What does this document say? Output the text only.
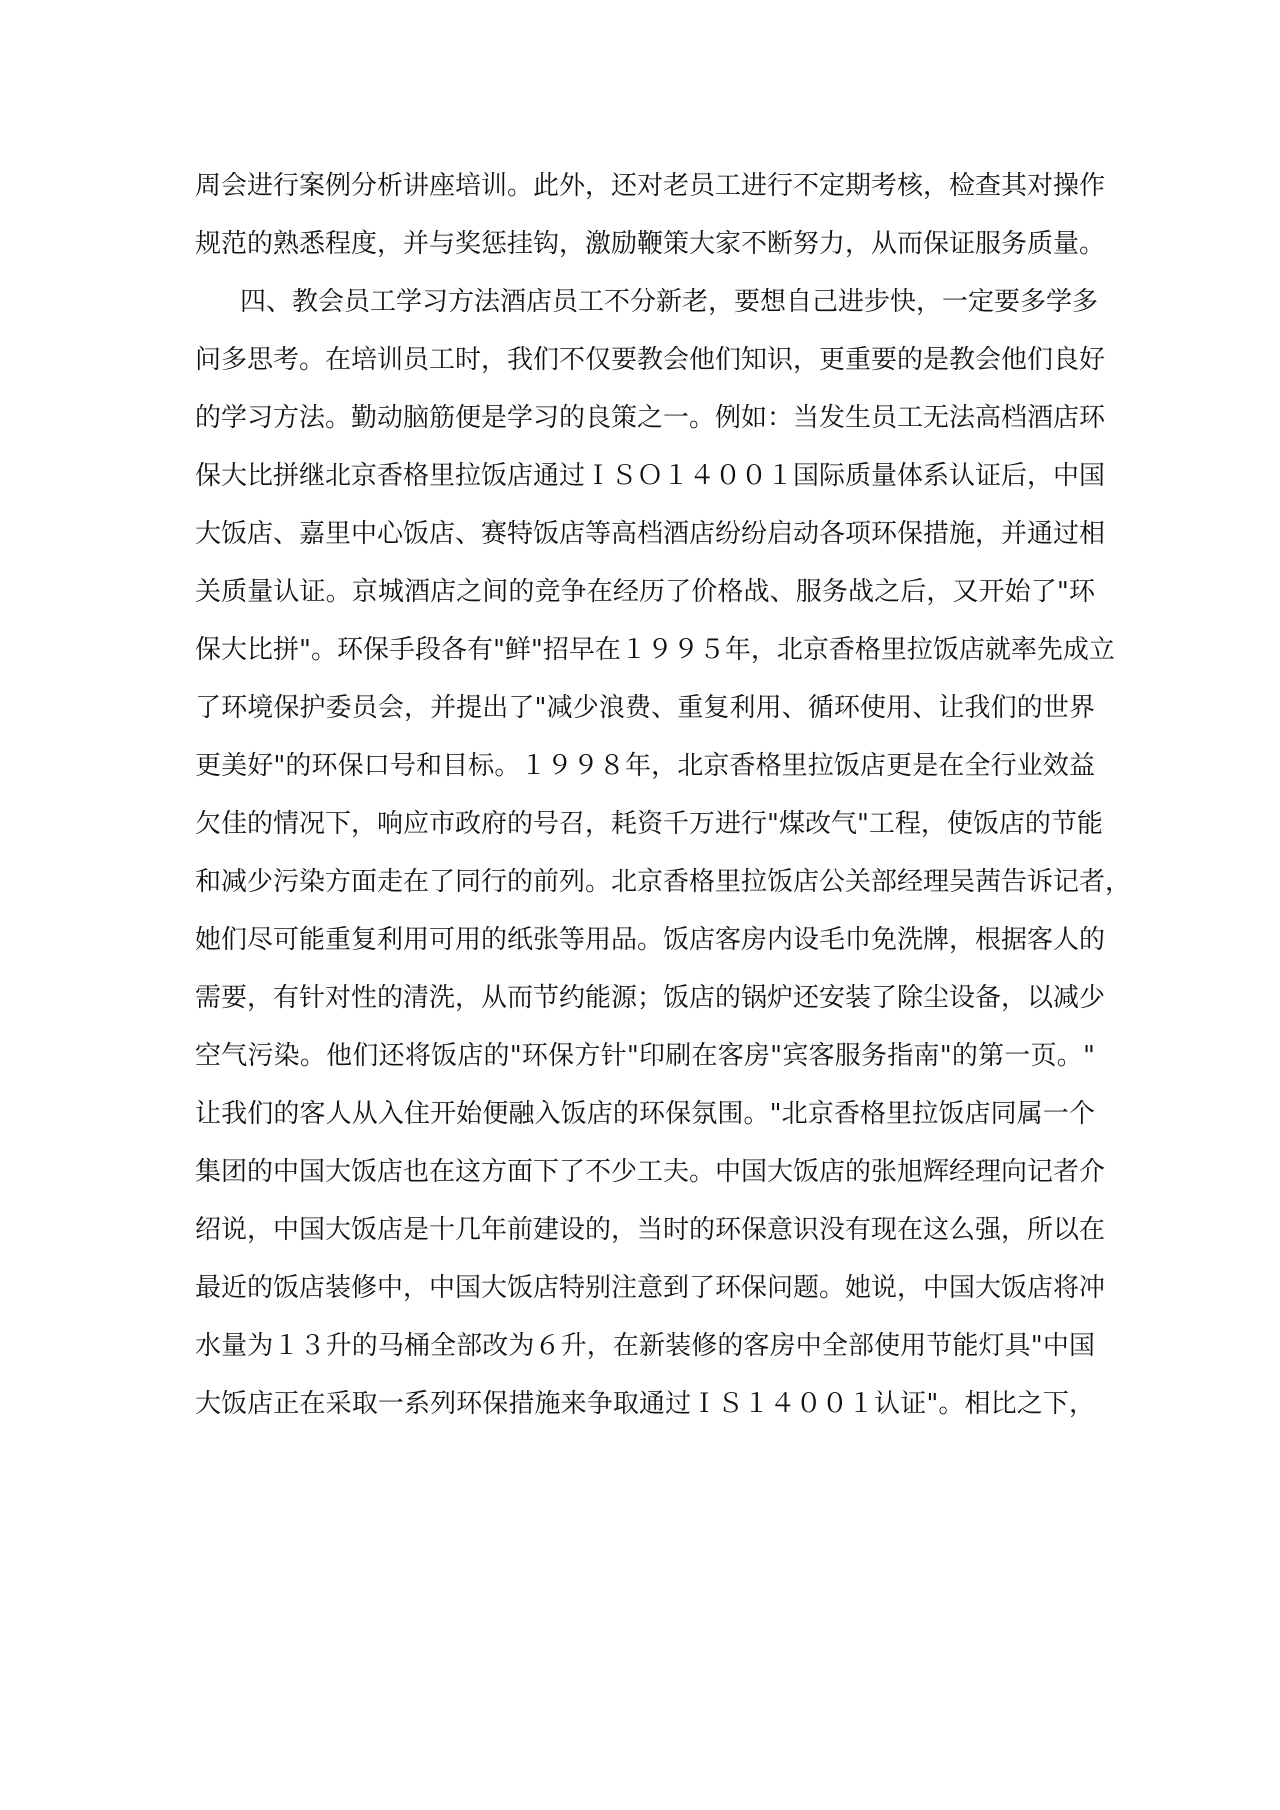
周会进行案例分析讲座培训。此外，还对老员工进行不定期考核，检查其对操作
规范的熟悉程度，并与奖惩挂钩，激励鞭策大家不断努力，从而保证服务质量。
四、教会员工学习方法酒店员工不分新老，要想自己进步快，一定要多学多
问多思考。在培训员工时，我们不仅要教会他们知识，更重要的是教会他们良好
的学习方法。勤动脑筋便是学习的良策之一。例如：当发生员工无法高档酒店环
保大比拼继北京香格里拉饭店通过ＩＳＯ１４００１国际质量体系认证后，中国
大饭店、嘉里中心饭店、赛特饭店等高档酒店纷纷启动各项环保措施，并通过相
关质量认证。京城酒店之间的竞争在经历了价格战、服务战之后，又开始了"环
保大比拼"。环保手段各有"鲜"招早在１９９５年，北京香格里拉饭店就率先成立
了环境保护委员会，并提出了"减少浪费、重复利用、循环使用、让我们的世界
更美好"的环保口号和目标。１９９８年，北京香格里拉饭店更是在全行业效益
欠佳的情况下，响应市政府的号召，耗资千万进行"煤改气"工程，使饭店的节能
和减少污染方面走在了同行的前列。北京香格里拉饭店公关部经理吴茜告诉记者，
她们尽可能重复利用可用的纸张等用品。饭店客房内设毛巾免洗牌，根据客人的
需要，有针对性的清洗，从而节约能源；饭店的锅炉还安装了除尘设备，以减少
空气污染。他们还将饭店的"环保方针"印刷在客房"宾客服务指南"的第一页。"
让我们的客人从入住开始便融入饭店的环保氛围。"北京香格里拉饭店同属一个
集团的中国大饭店也在这方面下了不少工夫。中国大饭店的张旭辉经理向记者介
绍说，中国大饭店是十几年前建设的，当时的环保意识没有现在这么强，所以在
最近的饭店装修中，中国大饭店特别注意到了环保问题。她说，中国大饭店将冲
水量为１３升的马桶全部改为６升，在新装修的客房中全部使用节能灯具"中国
大饭店正在采取一系列环保措施来争取通过ＩＳ１４００１认证"。相比之下，
